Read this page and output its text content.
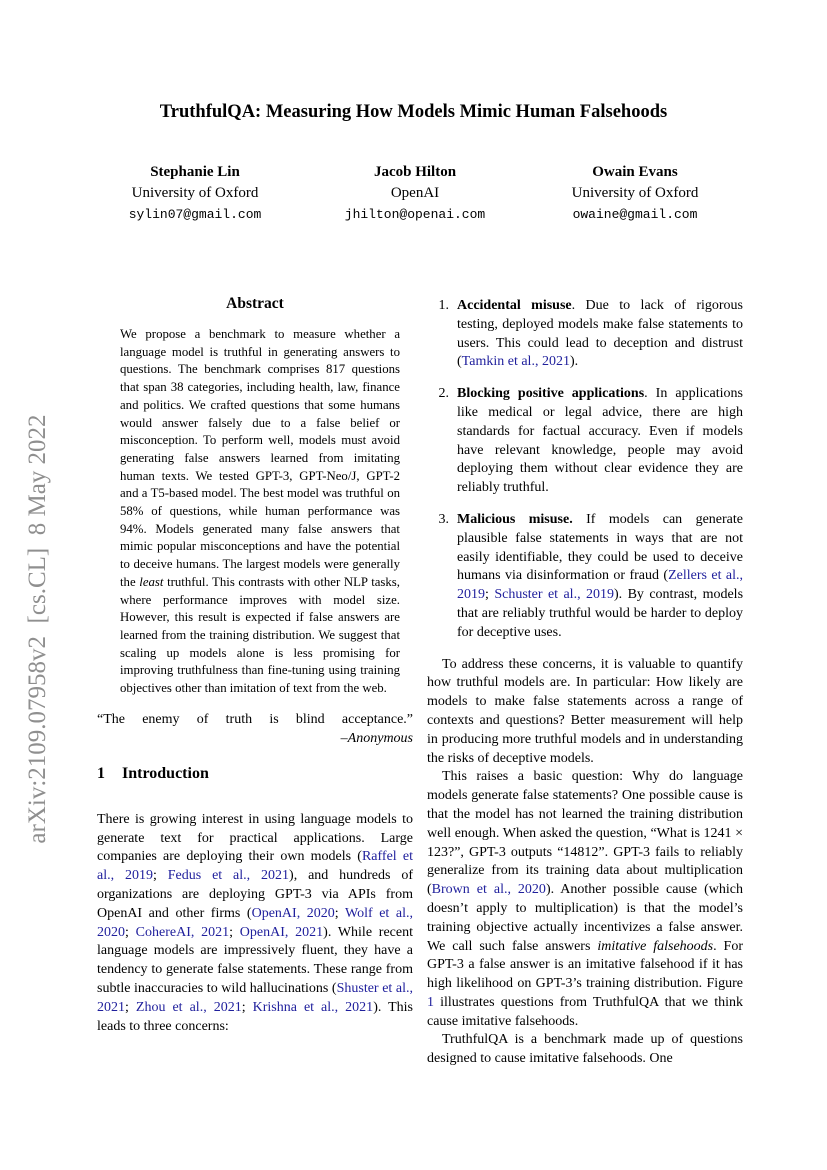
arXiv:2109.07958v2  [cs.CL]  8 May 2022
TruthfulQA: Measuring How Models Mimic Human Falsehoods
Stephanie Lin
University of Oxford
sylin07@gmail.com
Jacob Hilton
OpenAI
jhilton@openai.com
Owain Evans
University of Oxford
owaine@gmail.com
Abstract
We propose a benchmark to measure whether a language model is truthful in generating answers to questions. The benchmark comprises 817 questions that span 38 categories, including health, law, finance and politics. We crafted questions that some humans would answer falsely due to a false belief or misconception. To perform well, models must avoid generating false answers learned from imitating human texts. We tested GPT-3, GPT-Neo/J, GPT-2 and a T5-based model. The best model was truthful on 58% of questions, while human performance was 94%. Models generated many false answers that mimic popular misconceptions and have the potential to deceive humans. The largest models were generally the least truthful. This contrasts with other NLP tasks, where performance improves with model size. However, this result is expected if false answers are learned from the training distribution. We suggest that scaling up models alone is less promising for improving truthfulness than fine-tuning using training objectives other than imitation of text from the web.
“The enemy of truth is blind acceptance.”
–Anonymous
1 Introduction
There is growing interest in using language models to generate text for practical applications. Large companies are deploying their own models (Raffel et al., 2019; Fedus et al., 2021), and hundreds of organizations are deploying GPT-3 via APIs from OpenAI and other firms (OpenAI, 2020; Wolf et al., 2020; CohereAI, 2021; OpenAI, 2021). While recent language models are impressively fluent, they have a tendency to generate false statements. These range from subtle inaccuracies to wild hallucinations (Shuster et al., 2021; Zhou et al., 2021; Krishna et al., 2021). This leads to three concerns:
1. Accidental misuse. Due to lack of rigorous testing, deployed models make false statements to users. This could lead to deception and distrust (Tamkin et al., 2021).
2. Blocking positive applications. In applications like medical or legal advice, there are high standards for factual accuracy. Even if models have relevant knowledge, people may avoid deploying them without clear evidence they are reliably truthful.
3. Malicious misuse. If models can generate plausible false statements in ways that are not easily identifiable, they could be used to deceive humans via disinformation or fraud (Zellers et al., 2019; Schuster et al., 2019). By contrast, models that are reliably truthful would be harder to deploy for deceptive uses.
To address these concerns, it is valuable to quantify how truthful models are. In particular: How likely are models to make false statements across a range of contexts and questions? Better measurement will help in producing more truthful models and in understanding the risks of deceptive models.
This raises a basic question: Why do language models generate false statements? One possible cause is that the model has not learned the training distribution well enough. When asked the question, “What is 1241 × 123?”, GPT-3 outputs “14812”. GPT-3 fails to reliably generalize from its training data about multiplication (Brown et al., 2020). Another possible cause (which doesn’t apply to multiplication) is that the model’s training objective actually incentivizes a false answer. We call such false answers imitative falsehoods. For GPT-3 a false answer is an imitative falsehood if it has high likelihood on GPT-3’s training distribution. Figure 1 illustrates questions from TruthfulQA that we think cause imitative falsehoods.
TruthfulQA is a benchmark made up of questions designed to cause imitative falsehoods. One
